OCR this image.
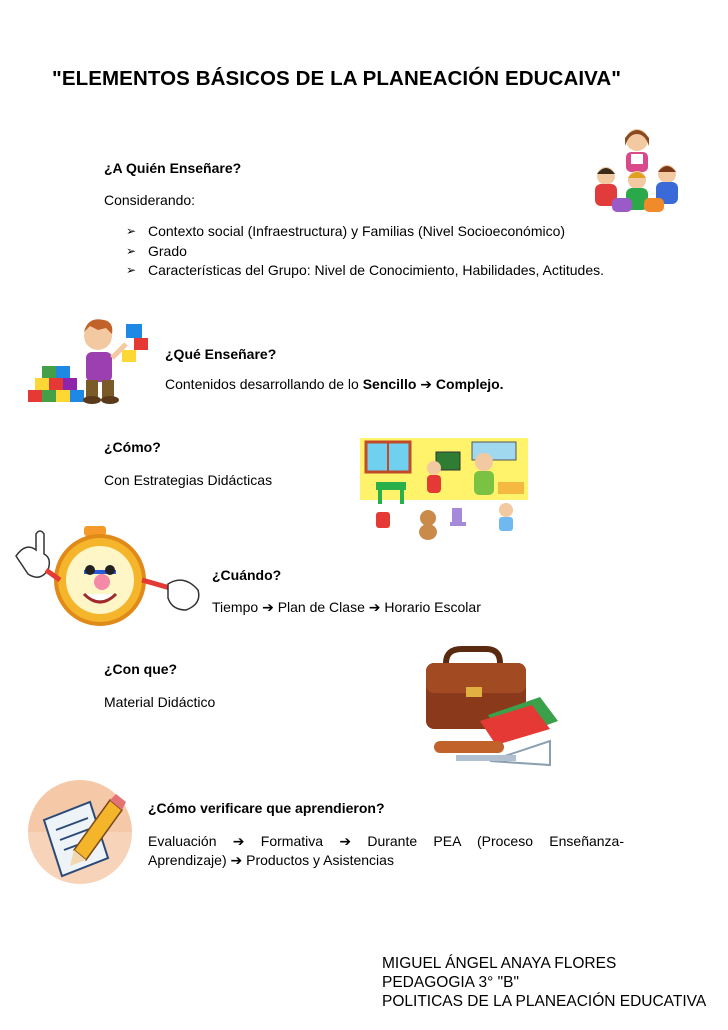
"ELEMENTOS BÁSICOS DE LA PLANEACIÓN EDUCAIVA"
¿A Quién Enseñare?
Considerando:
➢ Contexto social (Infraestructura) y Familias (Nivel Socioeconómico)
➢ Grado
➢ Características del Grupo: Nivel de Conocimiento, Habilidades, Actitudes.
¿Qué Enseñare?
Contenidos desarrollando de lo Sencillo ➔ Complejo.
¿Cómo?
Con Estrategias Didácticas
¿Cuándo?
Tiempo ➔ Plan de Clase ➔ Horario Escolar
¿Con que?
Material Didáctico
¿Cómo verificare que aprendieron?
Evaluación ➔ Formativa ➔ Durante PEA (Proceso Enseñanza-
Aprendizaje) ➔ Productos y Asistencias
MIGUEL ÁNGEL ANAYA FLORES
PEDAGOGIA 3° "B"
POLITICAS DE LA PLANEACIÓN EDUCATIVA
